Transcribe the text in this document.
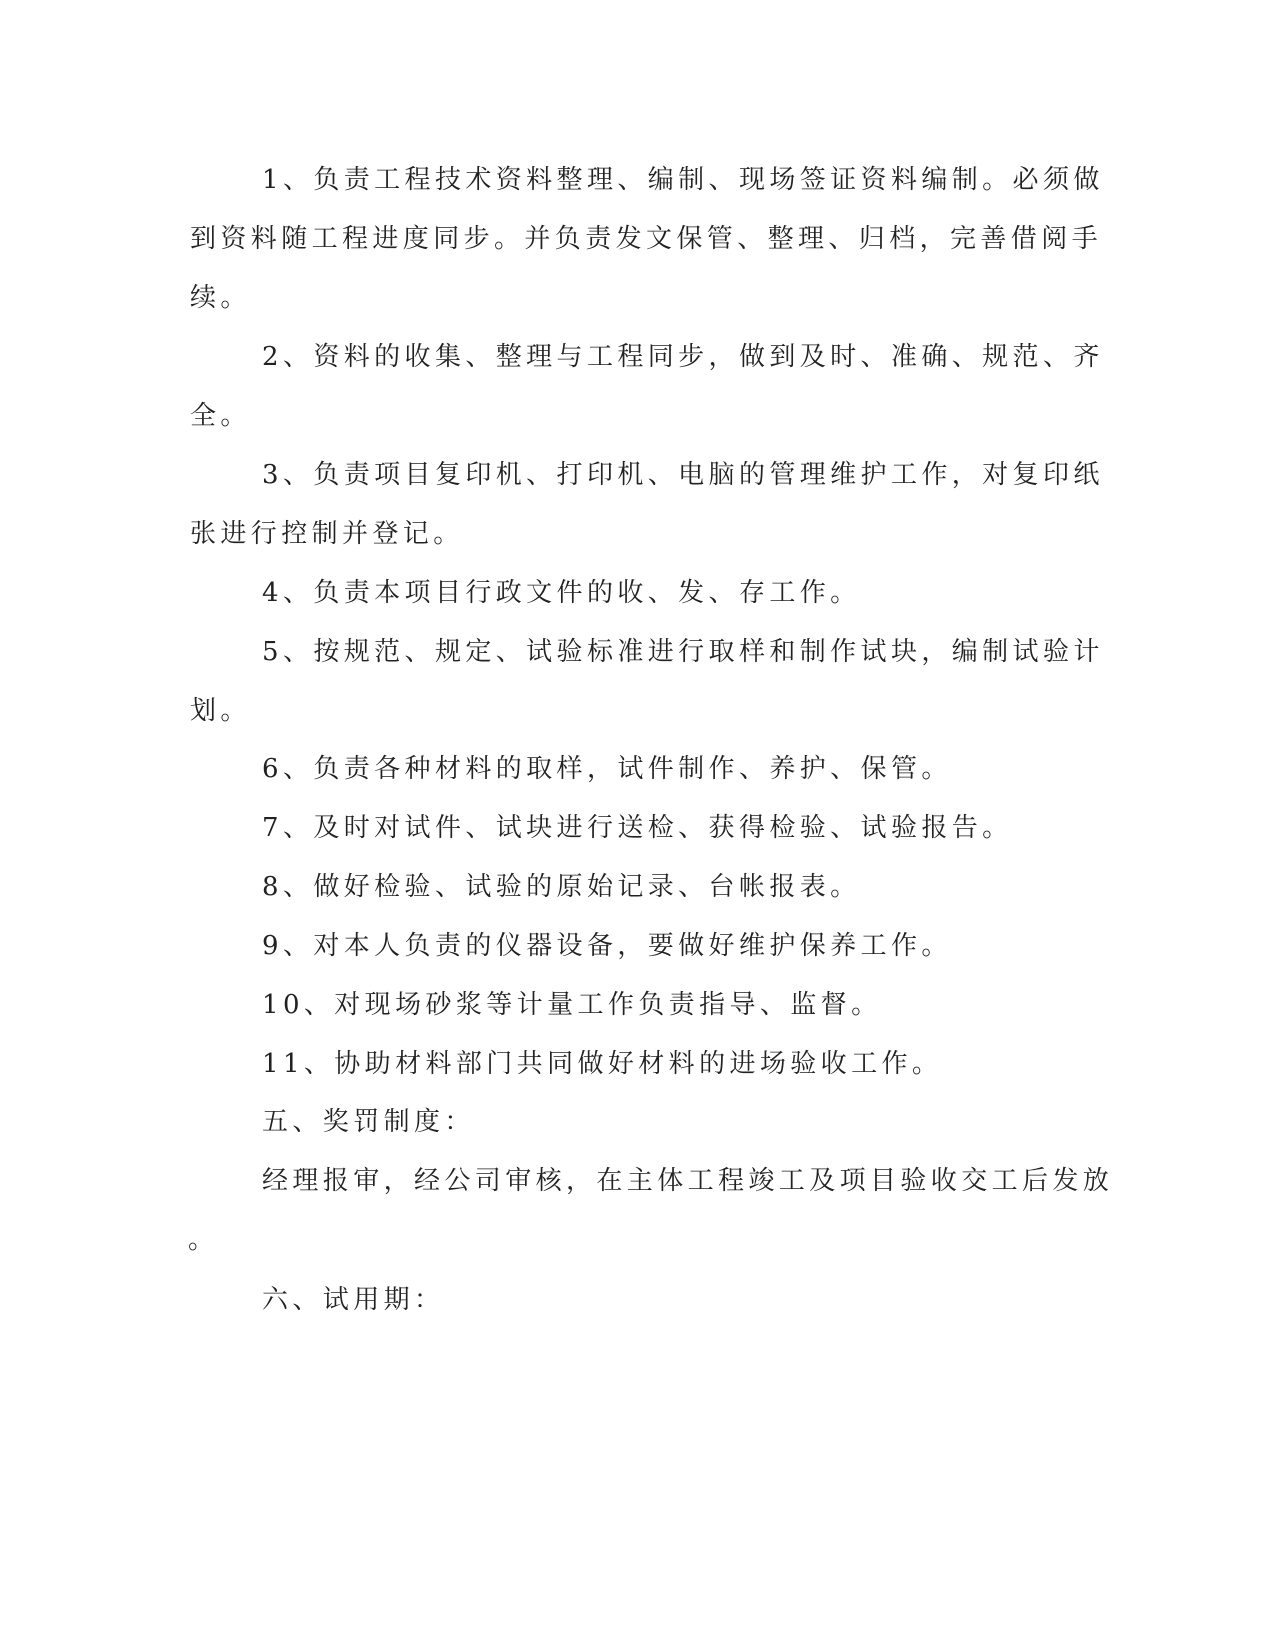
1、负责工程技术资料整理、编制、现场签证资料编制。必须做
到资料随工程进度同步。并负责发文保管、整理、归档，完善借阅手
续。
2、资料的收集、整理与工程同步，做到及时、准确、规范、齐
全。
3、负责项目复印机、打印机、电脑的管理维护工作，对复印纸
张进行控制并登记。
4、负责本项目行政文件的收、发、存工作。
5、按规范、规定、试验标准进行取样和制作试块，编制试验计
划。
6、负责各种材料的取样，试件制作、养护、保管。
7、及时对试件、试块进行送检、获得检验、试验报告。
8、做好检验、试验的原始记录、台帐报表。
9、对本人负责的仪器设备，要做好维护保养工作。
10、对现场砂浆等计量工作负责指导、监督。
11、协助材料部门共同做好材料的进场验收工作。
五、奖罚制度：
经理报审，经公司审核，在主体工程竣工及项目验收交工后发放
。
六、试用期：
